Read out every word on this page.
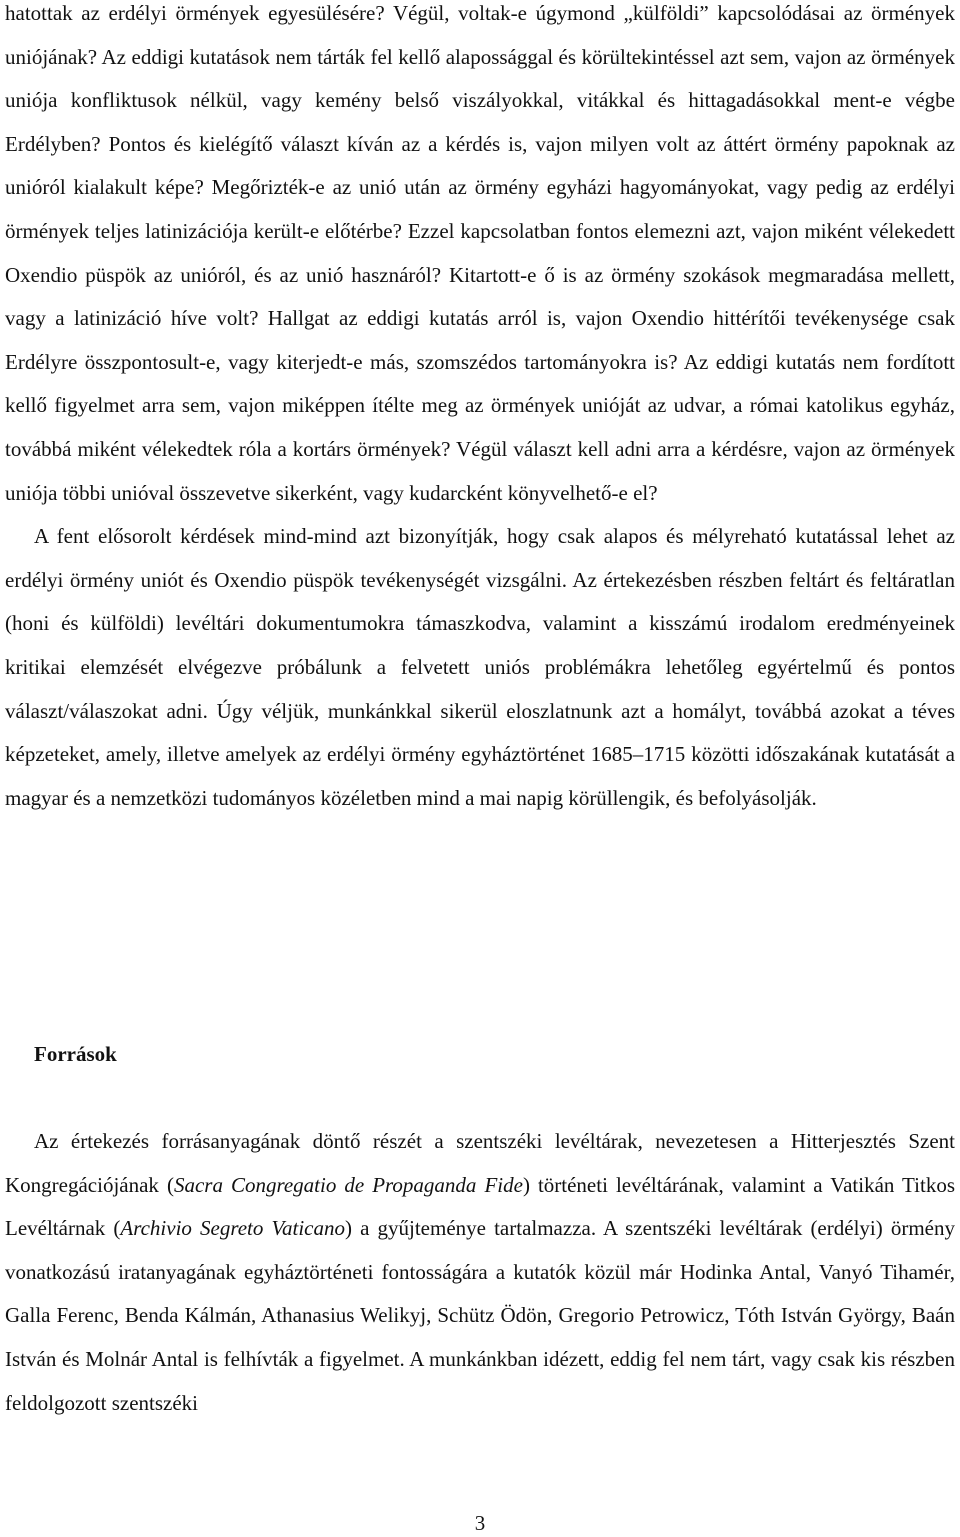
hatottak az erdélyi örmények egyesülésére? Végül, voltak-e úgymond „külföldi” kapcsolódásai az örmények uniójának? Az eddigi kutatások nem tárták fel kellő alapossággal és körültekintéssel azt sem, vajon az örmények uniója konfliktusok nélkül, vagy kemény belső viszályokkal, vitákkal és hittagadásokkal ment-e végbe Erdélyben? Pontos és kielégítő választ kíván az a kérdés is, vajon milyen volt az áttért örmény papoknak az unióról kialakult képe? Megőrizték-e az unió után az örmény egyházi hagyományokat, vagy pedig az erdélyi örmények teljes latinizációja került-e előtérbe? Ezzel kapcsolatban fontos elemezni azt, vajon miként vélekedett Oxendio püspök az unióról, és az unió hasznáról? Kitartott-e ő is az örmény szokások megmaradása mellett, vagy a latinizáció híve volt? Hallgat az eddigi kutatás arról is, vajon Oxendio hittérítői tevékenysége csak Erdélyre összpontosult-e, vagy kiterjedt-e más, szomszédos tartományokra is? Az eddigi kutatás nem fordított kellő figyelmet arra sem, vajon miképpen ítélte meg az örmények unióját az udvar, a római katolikus egyház, továbbá miként vélekedtek róla a kortárs örmények? Végül választ kell adni arra a kérdésre, vajon az örmények uniója többi unióval összevetve sikerként, vagy kudarcként könyvelhető-e el?

A fent elősorolt kérdések mind-mind azt bizonyítják, hogy csak alapos és mélyreható kutatással lehet az erdélyi örmény uniót és Oxendio püspök tevékenységét vizsgálni. Az értekezésben részben feltárt és feltáratlan (honi és külföldi) levéltári dokumentumokra támaszkodva, valamint a kisszámú irodalom eredményeinek kritikai elemzését elvégezve próbálunk a felvetett uniós problémákra lehetőleg egyértelmű és pontos választ/válaszokat adni. Úgy véljük, munkánkkal sikerül eloszlatnunk azt a homályt, továbbá azokat a téves képzeteket, amely, illetve amelyek az erdélyi örmény egyháztörténet 1685–1715 közötti időszakának kutatását a magyar és a nemzetközi tudományos közéletben mind a mai napig körüllengik, és befolyásolják.

Források

Az értekezés forrásanyagának döntő részét a szentszéki levéltárak, nevezetesen a Hitterjesztés Szent Kongregációjának (Sacra Congregatio de Propaganda Fide) történeti levéltárának, valamint a Vatikán Titkos Levéltárnak (Archivio Segreto Vaticano) a gyűjteménye tartalmazza. A szentszéki levéltárak (erdélyi) örmény vonatkozású iratanyagának egyháztörténeti fontosságára a kutatók közül már Hodinka Antal, Vanyó Tihamér, Galla Ferenc, Benda Kálmán, Athanasius Welikyj, Schütz Ödön, Gregorio Petrowicz, Tóth István György, Baán István és Molnár Antal is felhívták a figyelmet. A munkánkban idézett, eddig fel nem tárt, vagy csak kis részben feldolgozott szentszéki

3
